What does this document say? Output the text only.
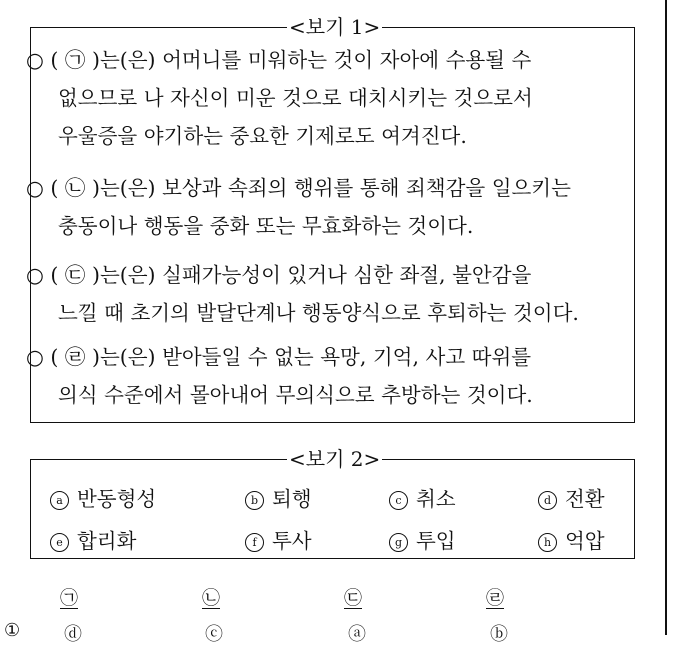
<보기 1>
○ ( ㉠ )는(은) 어머니를 미워하는 것이 자아에 수용될 수
없으므로 나 자신이 미운 것으로 대치시키는 것으로서
우울증을 야기하는 중요한 기제로도 여겨진다.
○ ( ㉡ )는(은) 보상과 속죄의 행위를 통해 죄책감을 일으키는
충동이나 행동을 중화 또는 무효화하는 것이다.
○ ( ㉢ )는(은) 실패가능성이 있거나 심한 좌절, 불안감을
느낄 때 초기의 발달단계나 행동양식으로 후퇴하는 것이다.
○ ( ㉣ )는(은) 받아들일 수 없는 욕망, 기억, 사고 따위를
의식 수준에서 몰아내어 무의식으로 추방하는 것이다.
<보기 2>
a 반동형성	b 퇴행	c 취소	d 전환
e 합리화	f 투사	g 투입	h 억압
㉠	㉡	㉢	㉣
① ⓓ	ⓒ	ⓐ	ⓑ
